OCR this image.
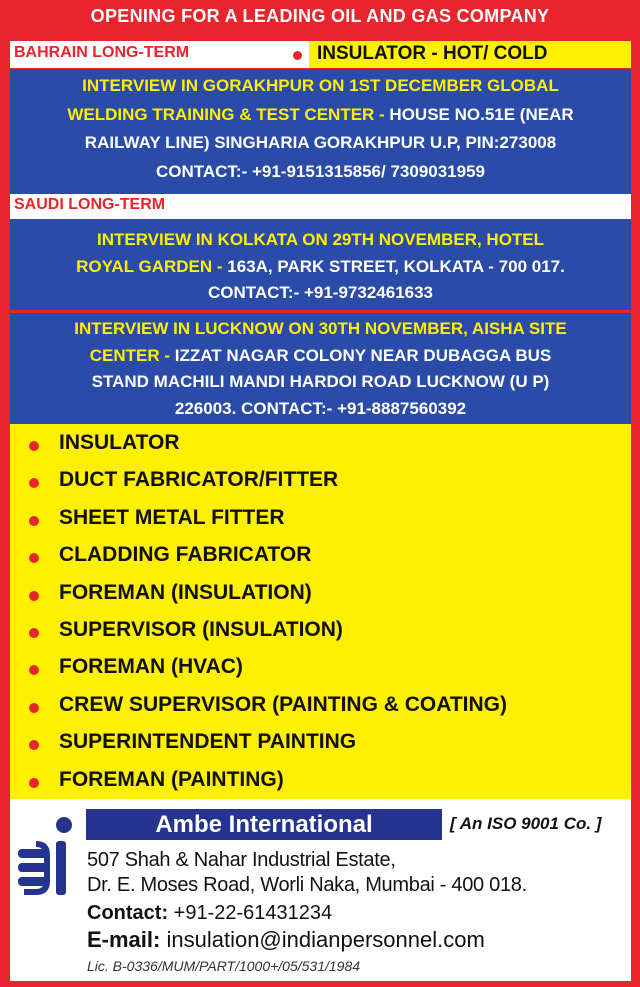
OPENING FOR A LEADING OIL AND GAS COMPANY
BAHRAIN LONG-TERM	INSULATOR - HOT/ COLD
INTERVIEW IN GORAKHPUR ON 1ST DECEMBER GLOBAL
WELDING TRAINING & TEST CENTER - HOUSE NO.51E (NEAR
RAILWAY LINE) SINGHARIA GORAKHPUR U.P, PIN:273008
CONTACT:- +91-9151315856/ 7309031959
SAUDI LONG-TERM
INTERVIEW IN KOLKATA ON 29TH NOVEMBER, HOTEL
ROYAL GARDEN - 163A, PARK STREET, KOLKATA - 700 017.
CONTACT:- +91-9732461633
INTERVIEW IN LUCKNOW ON 30TH NOVEMBER, AISHA SITE
CENTER - IZZAT NAGAR COLONY NEAR DUBAGGA BUS
STAND MACHILI MANDI HARDOI ROAD LUCKNOW (U P)
226003. CONTACT:- +91-8887560392
INSULATOR
DUCT FABRICATOR/FITTER
SHEET METAL FITTER
CLADDING FABRICATOR
FOREMAN (INSULATION)
SUPERVISOR (INSULATION)
FOREMAN (HVAC)
CREW SUPERVISOR (PAINTING & COATING)
SUPERINTENDENT PAINTING
FOREMAN (PAINTING)
Ambe International	[ An ISO 9001 Co. ]
507 Shah & Nahar Industrial Estate,
Dr. E. Moses Road, Worli Naka, Mumbai - 400 018.
Contact: +91-22-61431234
E-mail: insulation@indianpersonnel.com
Lic. B-0336/MUM/PART/1000+/05/531/1984
